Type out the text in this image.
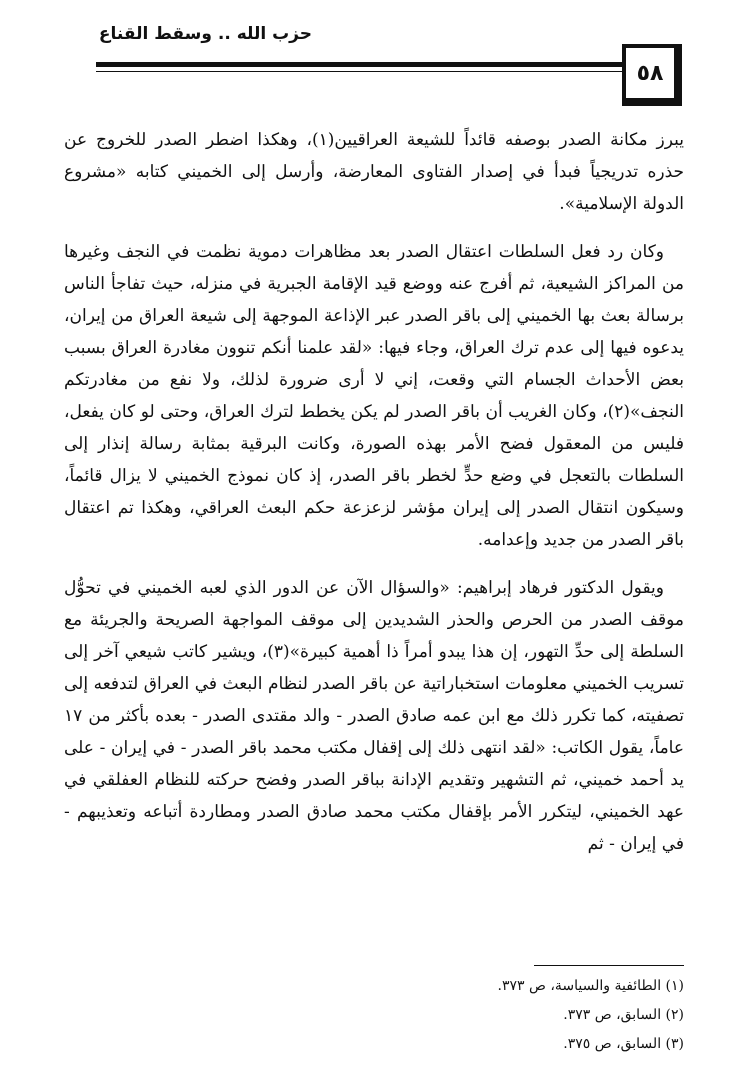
حزب الله .. وسقط القناع
٥٨

يبرز مكانة الصدر بوصفه قائداً للشيعة العراقيين(١)، وهكذا اضطر الصدر للخروج عن حذره تدريجياً فبدأ في إصدار الفتاوى المعارضة، وأرسل إلى الخميني كتابه «مشروع الدولة الإسلامية».

وكان رد فعل السلطات اعتقال الصدر بعد مظاهرات دموية نظمت في النجف وغيرها من المراكز الشيعية، ثم أفرج عنه ووضع قيد الإقامة الجبرية في منزله، حيث تفاجأ الناس برسالة بعث بها الخميني إلى باقر الصدر عبر الإذاعة الموجهة إلى شيعة العراق من إيران، يدعوه فيها إلى عدم ترك العراق، وجاء فيها: «لقد علمنا أنكم تنوون مغادرة العراق بسبب بعض الأحداث الجسام التي وقعت، إني لا أرى ضرورة لذلك، ولا نفع من مغادرتكم النجف»(٢)، وكان الغريب أن باقر الصدر لم يكن يخطط لترك العراق، وحتى لو كان يفعل، فليس من المعقول فضح الأمر بهذه الصورة، وكانت البرقية بمثابة رسالة إنذار إلى السلطات بالتعجل في وضع حدٍّ لخطر باقر الصدر، إذ كان نموذج الخميني لا يزال قائماً، وسيكون انتقال الصدر إلى إيران مؤشر لزعزعة حكم البعث العراقي، وهكذا تم اعتقال باقر الصدر من جديد وإعدامه.

ويقول الدكتور فرهاد إبراهيم: «والسؤال الآن عن الدور الذي لعبه الخميني في تحوُّل موقف الصدر من الحرص والحذر الشديدين إلى موقف المواجهة الصريحة والجريئة مع السلطة إلى حدِّ التهور، إن هذا يبدو أمراً ذا أهمية كبيرة»(٣)، ويشير كاتب شيعي آخر إلى تسريب الخميني معلومات استخباراتية عن باقر الصدر لنظام البعث في العراق لتدفعه إلى تصفيته، كما تكرر ذلك مع ابن عمه صادق الصدر - والد مقتدى الصدر - بعده بأكثر من ١٧ عاماً، يقول الكاتب: «لقد انتهى ذلك إلى إقفال مكتب محمد باقر الصدر - في إيران - على يد أحمد خميني، ثم التشهير وتقديم الإدانة بباقر الصدر وفضح حركته للنظام العفلقي في عهد الخميني، ليتكرر الأمر بإقفال مكتب محمد صادق الصدر ومطاردة أتباعه وتعذيبهم - في إيران - ثم

(١) الطائفية والسياسة، ص ٣٧٣.
(٢) السابق، ص ٣٧٣.
(٣) السابق، ص ٣٧٥.
